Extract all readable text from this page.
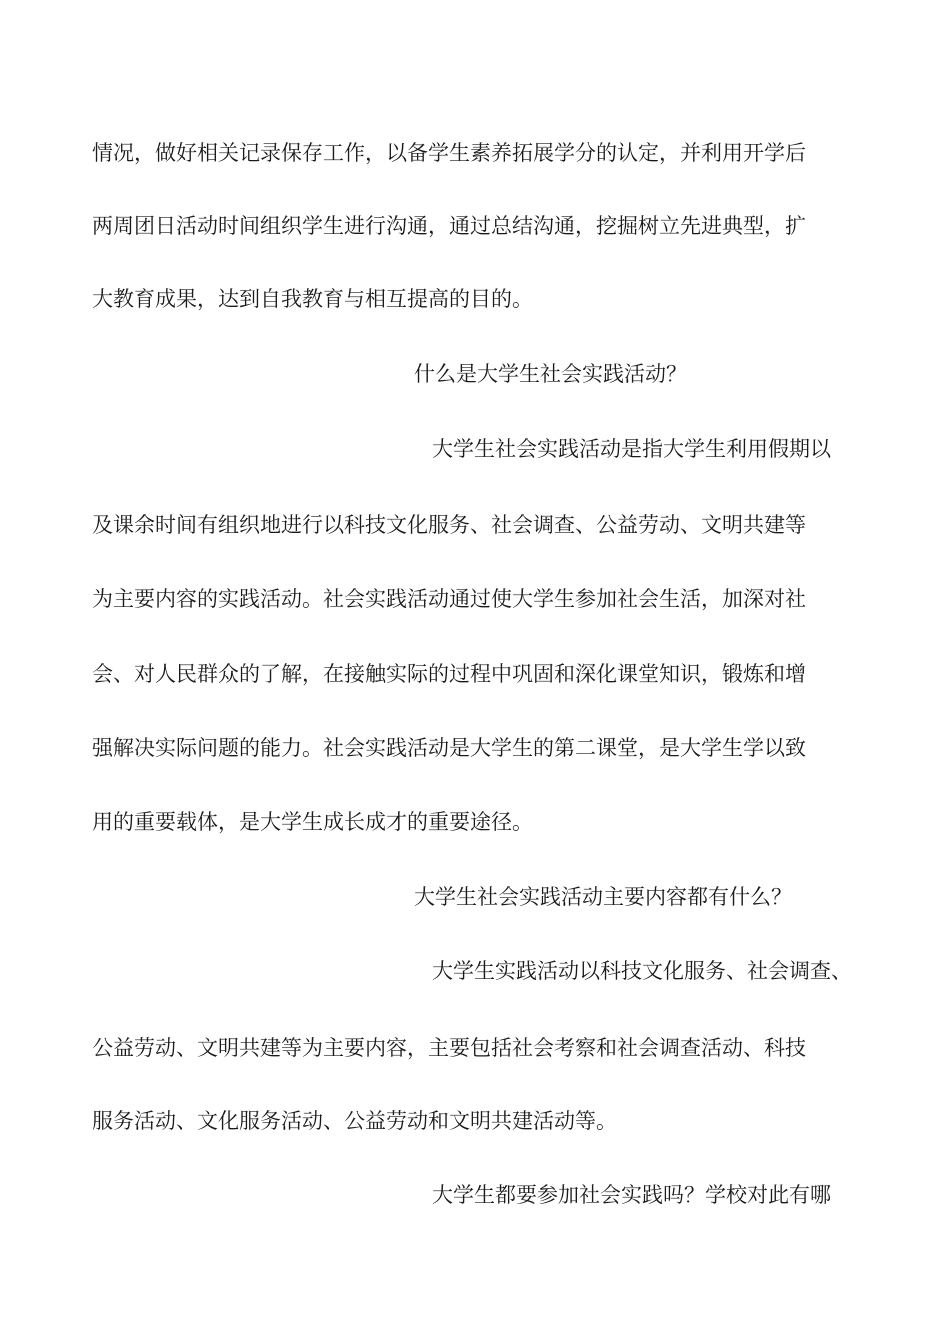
情况，做好相关记录保存工作，以备学生素养拓展学分的认定，并利用开学后
两周团日活动时间组织学生进行沟通，通过总结沟通，挖掘树立先进典型，扩
大教育成果，达到自我教育与相互提高的目的。
什么是大学生社会实践活动？
大学生社会实践活动是指大学生利用假期以
及课余时间有组织地进行以科技文化服务、社会调查、公益劳动、文明共建等
为主要内容的实践活动。社会实践活动通过使大学生参加社会生活，加深对社
会、对人民群众的了解，在接触实际的过程中巩固和深化课堂知识，锻炼和增
强解决实际问题的能力。社会实践活动是大学生的第二课堂，是大学生学以致
用的重要载体，是大学生成长成才的重要途径。
大学生社会实践活动主要内容都有什么？
大学生实践活动以科技文化服务、社会调查、
公益劳动、文明共建等为主要内容，主要包括社会考察和社会调查活动、科技
服务活动、文化服务活动、公益劳动和文明共建活动等。
大学生都要参加社会实践吗？学校对此有哪
